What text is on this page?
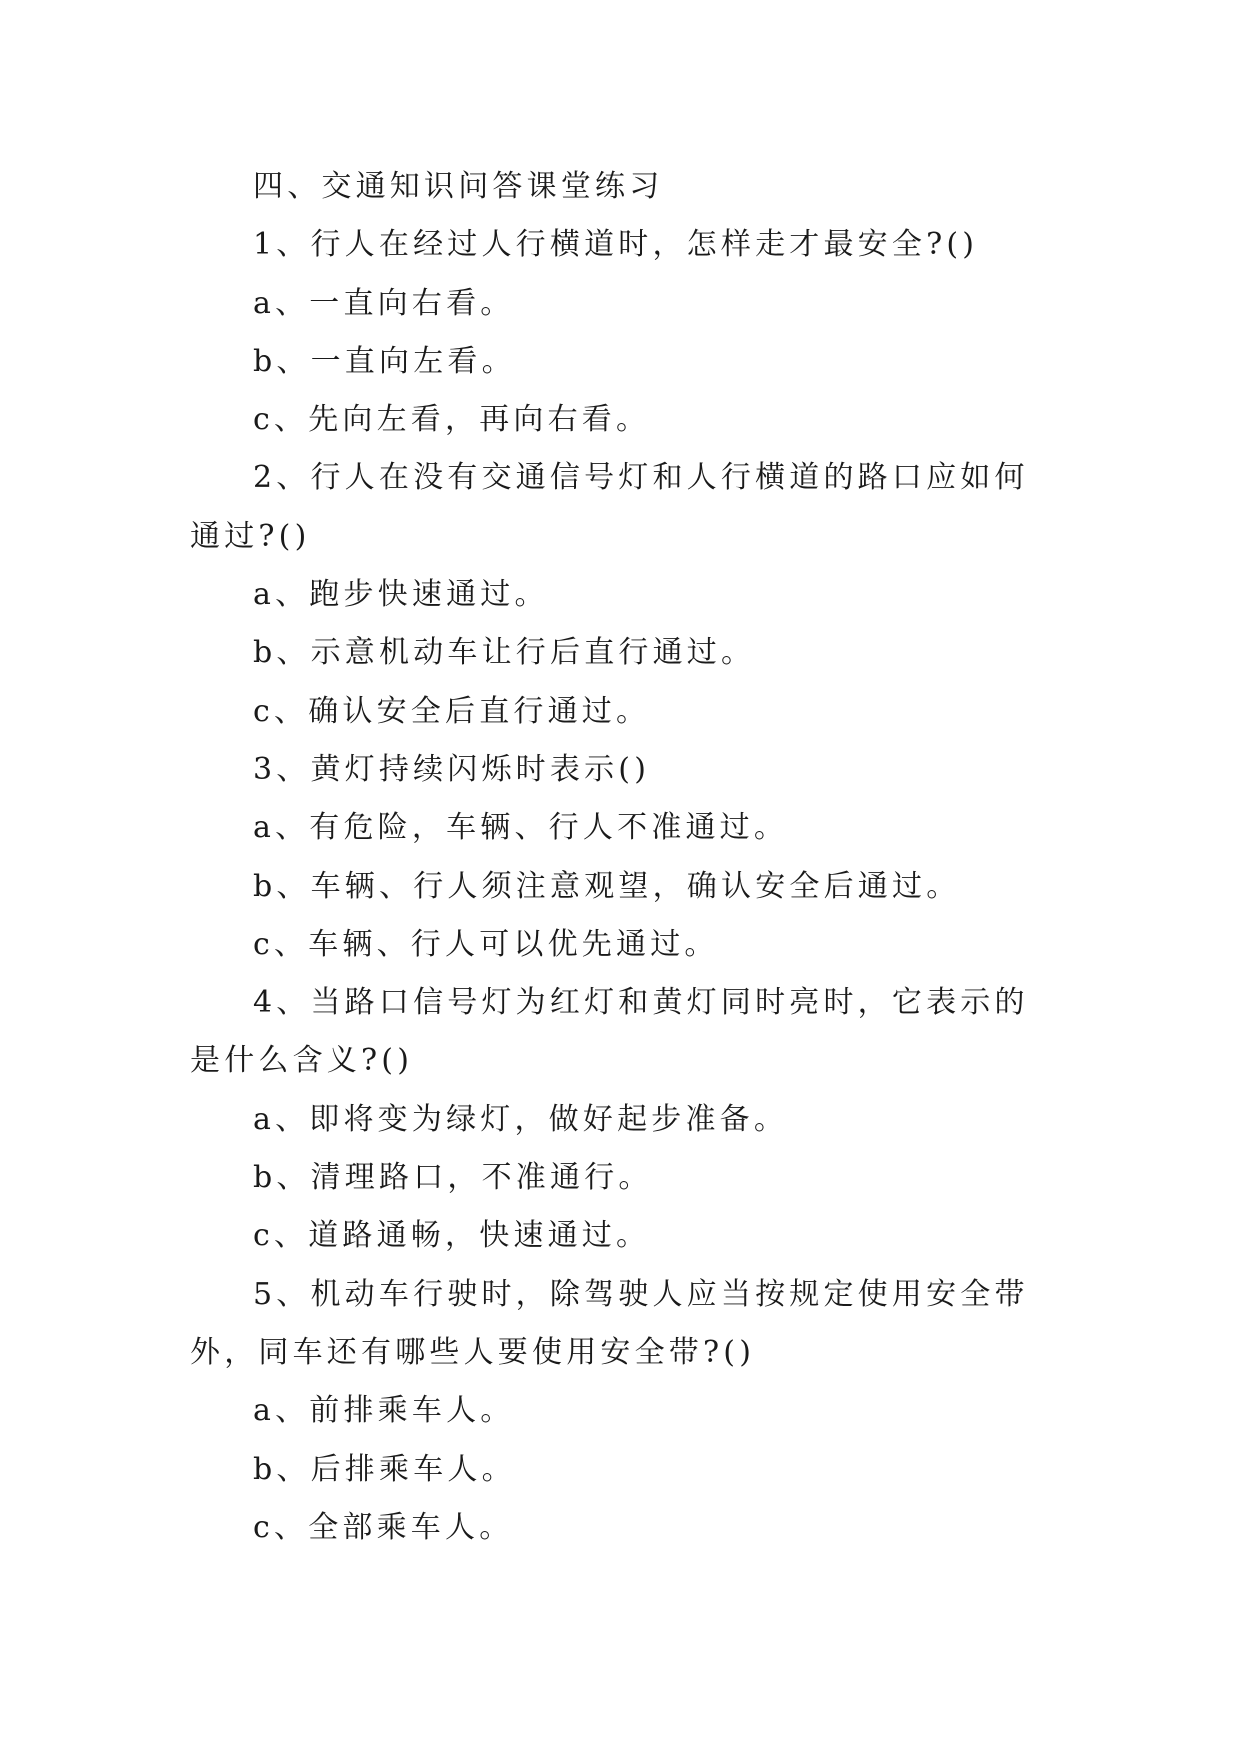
四、交通知识问答课堂练习

1、行人在经过人行横道时，怎样走才最安全?()

a、一直向右看。

b、一直向左看。

c、先向左看，再向右看。

2、行人在没有交通信号灯和人行横道的路口应如何通过?()

a、跑步快速通过。

b、示意机动车让行后直行通过。

c、确认安全后直行通过。

3、黄灯持续闪烁时表示()

a、有危险，车辆、行人不准通过。

b、车辆、行人须注意观望，确认安全后通过。

c、车辆、行人可以优先通过。

4、当路口信号灯为红灯和黄灯同时亮时，它表示的是什么含义?()

a、即将变为绿灯，做好起步准备。

b、清理路口，不准通行。

c、道路通畅，快速通过。

5、机动车行驶时，除驾驶人应当按规定使用安全带外，同车还有哪些人要使用安全带?()

a、前排乘车人。

b、后排乘车人。

c、全部乘车人。
